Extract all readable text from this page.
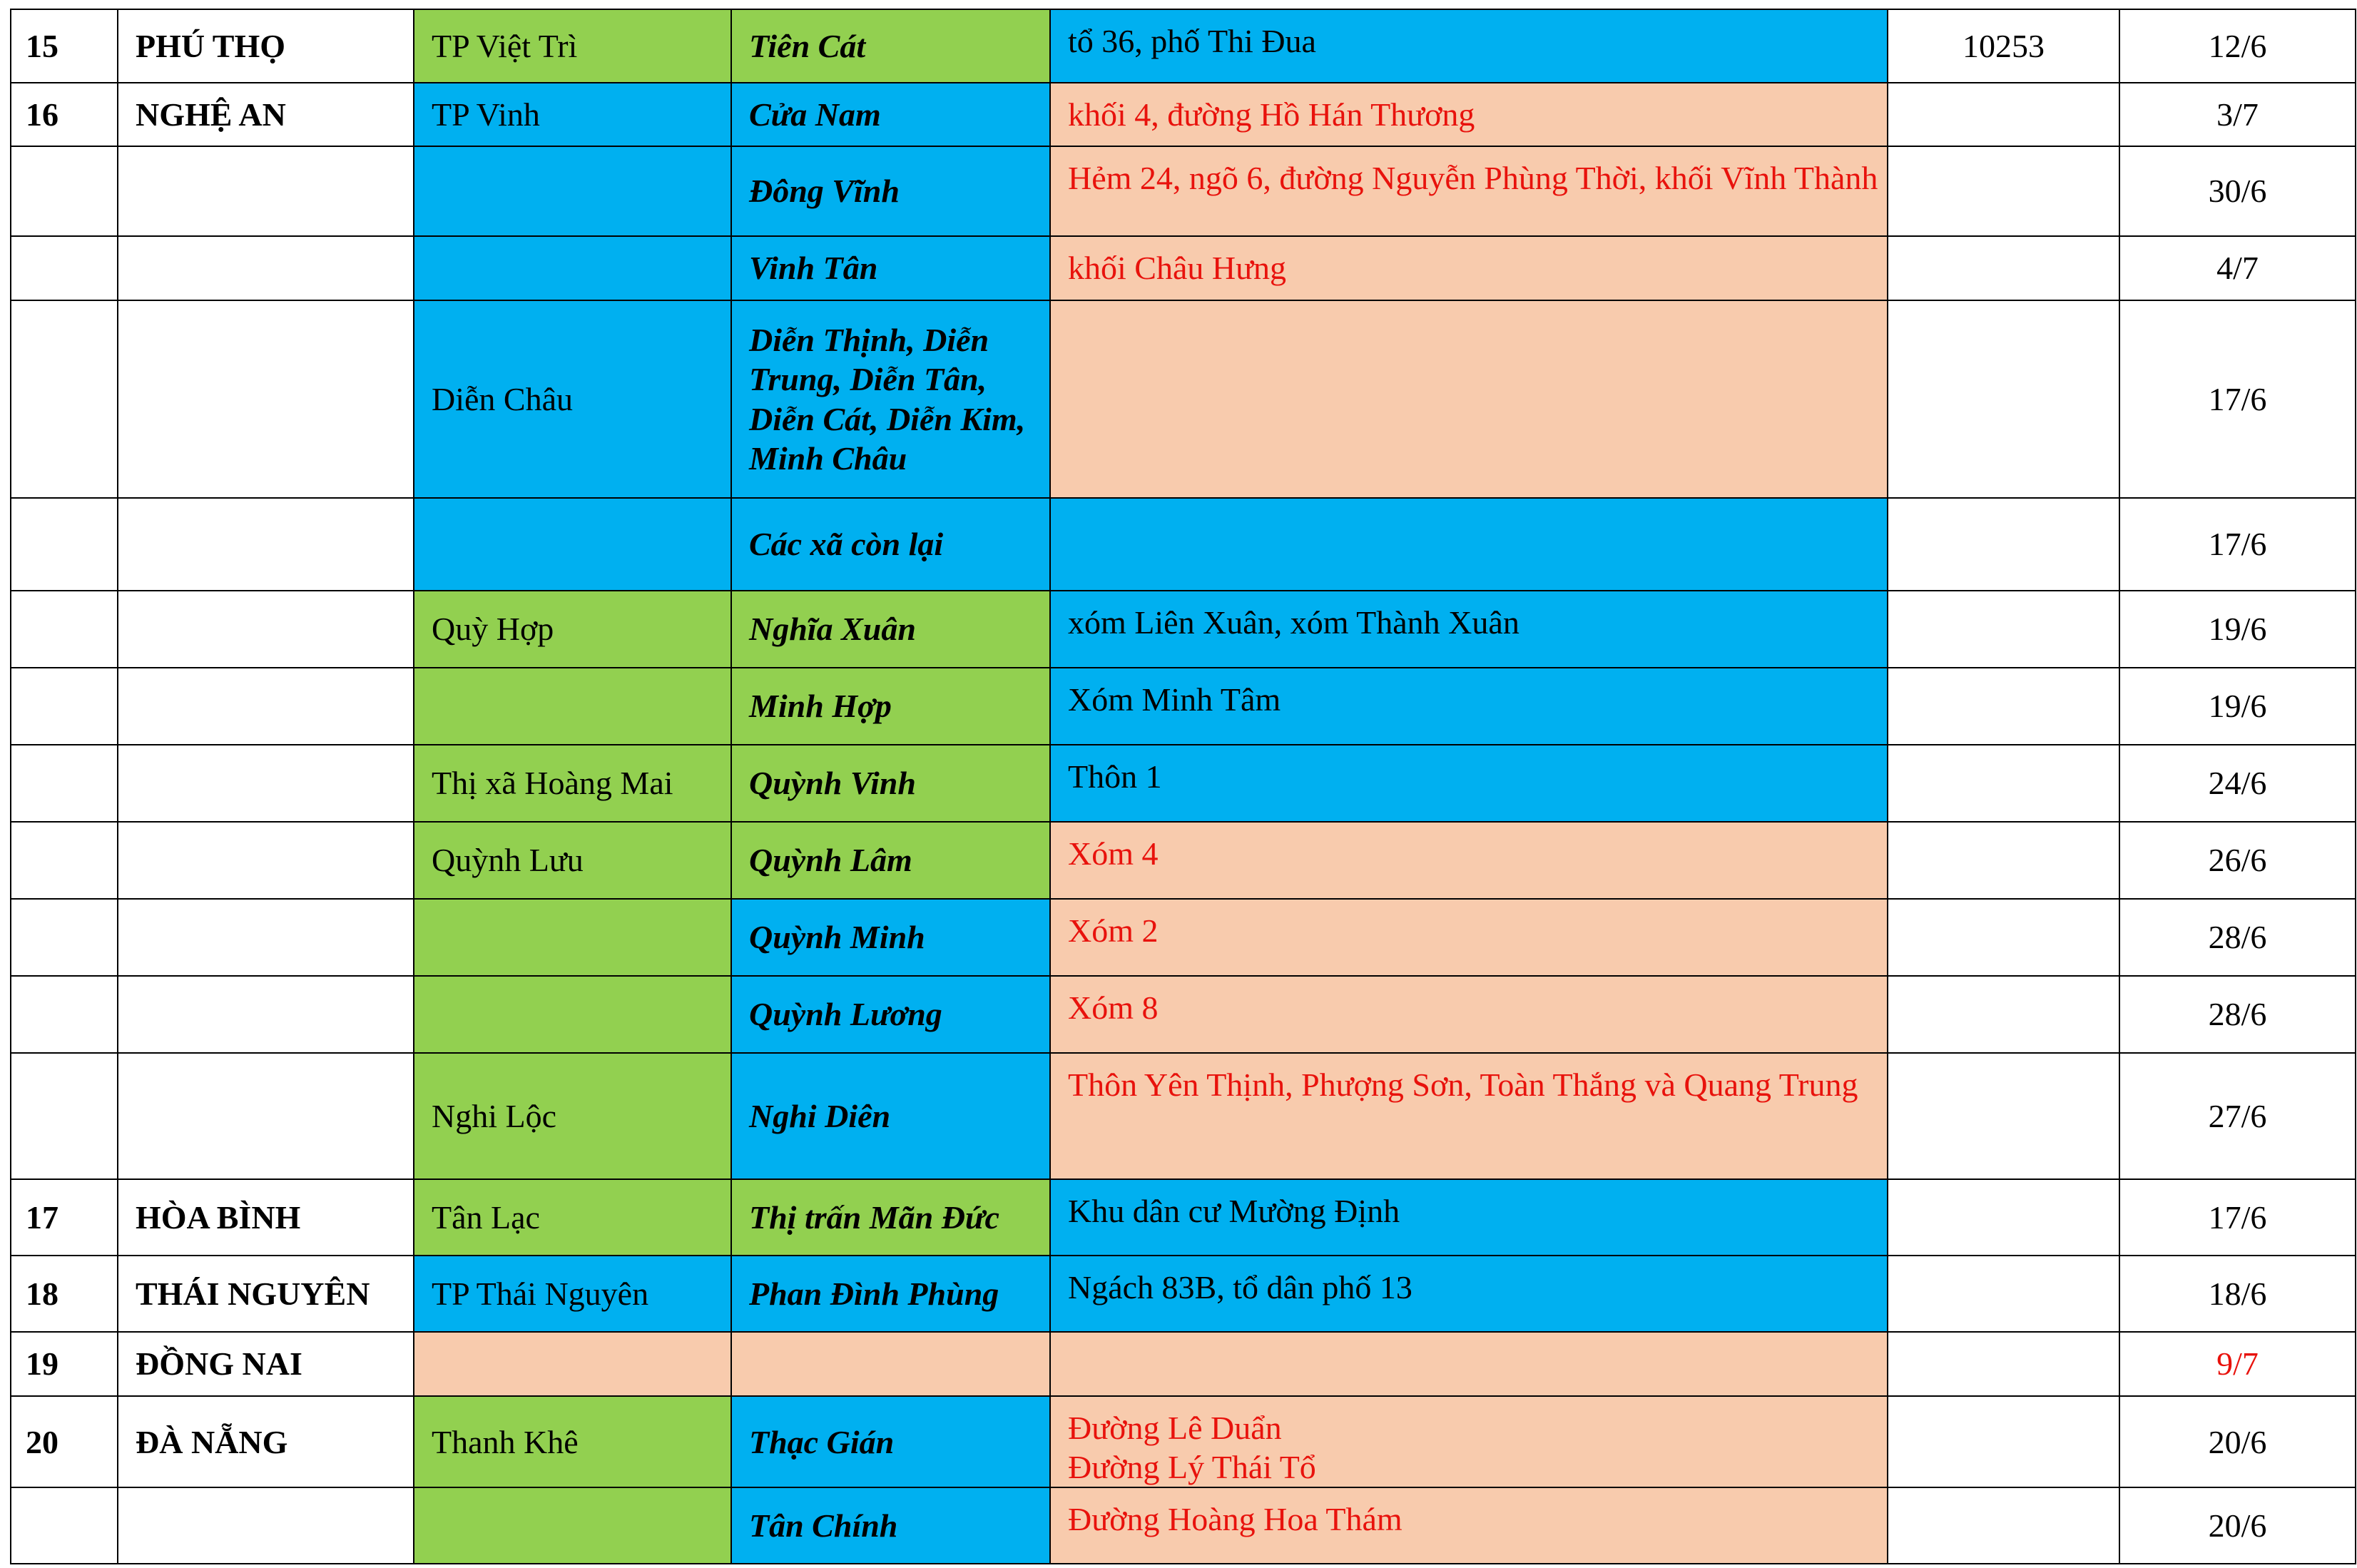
15	PHÚ THỌ	TP Việt Trì	Tiên Cát	tổ 36, phố Thi Đua	10253	12/6
16	NGHỆ AN	TP Vinh	Cửa Nam	khối 4, đường Hồ Hán Thương		3/7
			Đông Vĩnh	Hẻm 24, ngõ 6, đường Nguyễn Phùng Thời, khối Vĩnh Thành		30/6
			Vinh Tân	khối Châu Hưng		4/7
		Diễn Châu	Diễn Thịnh, Diễn Trung, Diễn Tân, Diễn Cát, Diễn Kim, Minh Châu			17/6
			Các xã còn lại			17/6
		Quỳ Hợp	Nghĩa Xuân	xóm Liên Xuân, xóm Thành Xuân		19/6
			Minh Hợp	Xóm Minh Tâm		19/6
		Thị xã Hoàng Mai	Quỳnh Vinh	Thôn 1		24/6
		Quỳnh Lưu	Quỳnh Lâm	Xóm 4		26/6
			Quỳnh Minh	Xóm 2		28/6
			Quỳnh Lương	Xóm 8		28/6
		Nghi Lộc	Nghi Diên	Thôn Yên Thịnh, Phượng Sơn, Toàn Thắng và Quang Trung		27/6
17	HÒA BÌNH	Tân Lạc	Thị trấn Mãn Đức	Khu dân cư Mường Định		17/6
18	THÁI NGUYÊN	TP Thái Nguyên	Phan Đình Phùng	Ngách 83B, tổ dân phố 13		18/6
19	ĐỒNG NAI					9/7
20	ĐÀ NẴNG	Thanh Khê	Thạc Gián	Đường Lê Duẩn
Đường Lý Thái Tổ		20/6
			Tân Chính	Đường Hoàng Hoa Thám		20/6
